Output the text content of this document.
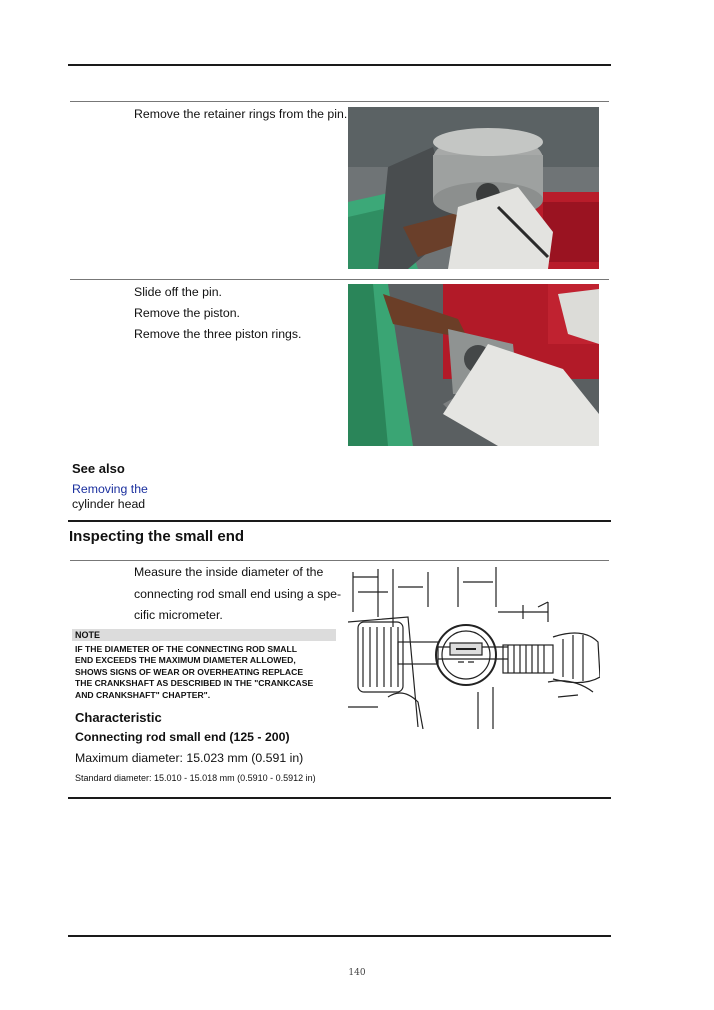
Remove the retainer rings from the pin.
Slide off the pin.
Remove the piston.
Remove the three piston rings.
See also
Removing the
cylinder head
Inspecting the small end
Measure the inside diameter of the
connecting rod small end using a spe-
cific micrometer.
NOTE
IF THE DIAMETER OF THE CONNECTING ROD SMALL
END EXCEEDS THE MAXIMUM DIAMETER ALLOWED,
SHOWS SIGNS OF WEAR OR OVERHEATING REPLACE
THE CRANKSHAFT AS DESCRIBED IN THE "CRANKCASE
AND CRANKSHAFT" CHAPTER".
Characteristic
Connecting rod small end (125 - 200)
Maximum diameter: 15.023 mm (0.591 in)
Standard diameter: 15.010 - 15.018 mm (0.5910 - 0.5912 in)
140
